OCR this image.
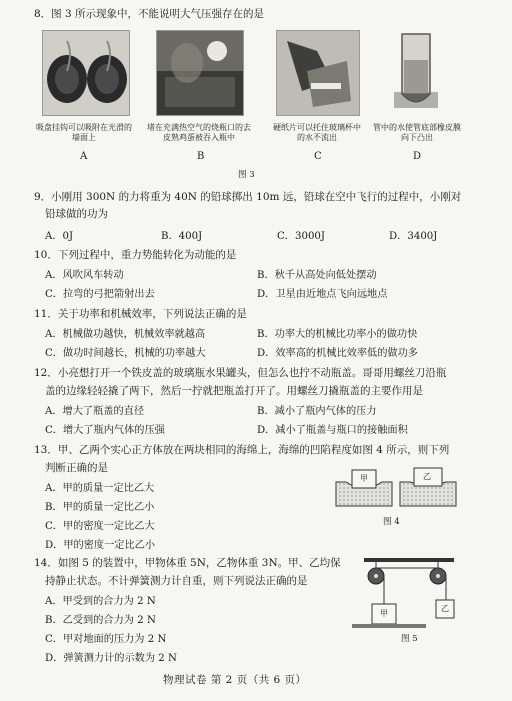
8．图 3 所示现象中，不能说明大气压强存在的是
吸盘挂钩可以吸附在光滑的墙面上
堵在充满热空气的烧瓶口的去皮熟鸡蛋被吞入瓶中
硬纸片可以托住玻璃杯中的水不流出
管中的水使管底部橡皮膜向下凸出
A	B	C	D
图 3
9．小刚用 300N 的力将重为 40N 的铅球掷出 10m 远，铅球在空中飞行的过程中，小刚对
铅球做的功为
A．0J	B．400J	C．3000J	D．3400J
10．下列过程中，重力势能转化为动能的是
A．风吹风车转动	B．秋千从高处向低处摆动
C．拉弯的弓把箭射出去	D．卫星由近地点飞向远地点
11．关于功率和机械效率，下列说法正确的是
A．机械做功越快，机械效率就越高	B．功率大的机械比功率小的做功快
C．做功时间越长，机械的功率越大	D．效率高的机械比效率低的做功多
12．小亮想打开一个铁皮盖的玻璃瓶水果罐头，但怎么也拧不动瓶盖。哥哥用螺丝刀沿瓶
盖的边缘轻轻撬了两下，然后一拧就把瓶盖打开了。用螺丝刀撬瓶盖的主要作用是
A．增大了瓶盖的直径	B．减小了瓶内气体的压力
C．增大了瓶内气体的压强	D．减小了瓶盖与瓶口的接触面积
13．甲、乙两个实心正方体放在两块相同的海绵上，海绵的凹陷程度如图 4 所示，则下列
判断正确的是
A．甲的质量一定比乙大
B．甲的质量一定比乙小
C．甲的密度一定比乙大
D．甲的密度一定比乙小
甲	乙
图 4
14．如图 5 的装置中，甲物体重 5N，乙物体重 3N。甲、乙均保
持静止状态。不计弹簧测力计自重，则下列说法正确的是
A．甲受到的合力为 2 N
B．乙受到的合力为 2 N
C．甲对地面的压力为 2 N
D．弹簧测力计的示数为 2 N
甲
乙
图 5
物理试卷 第 2 页（共 6 页）
